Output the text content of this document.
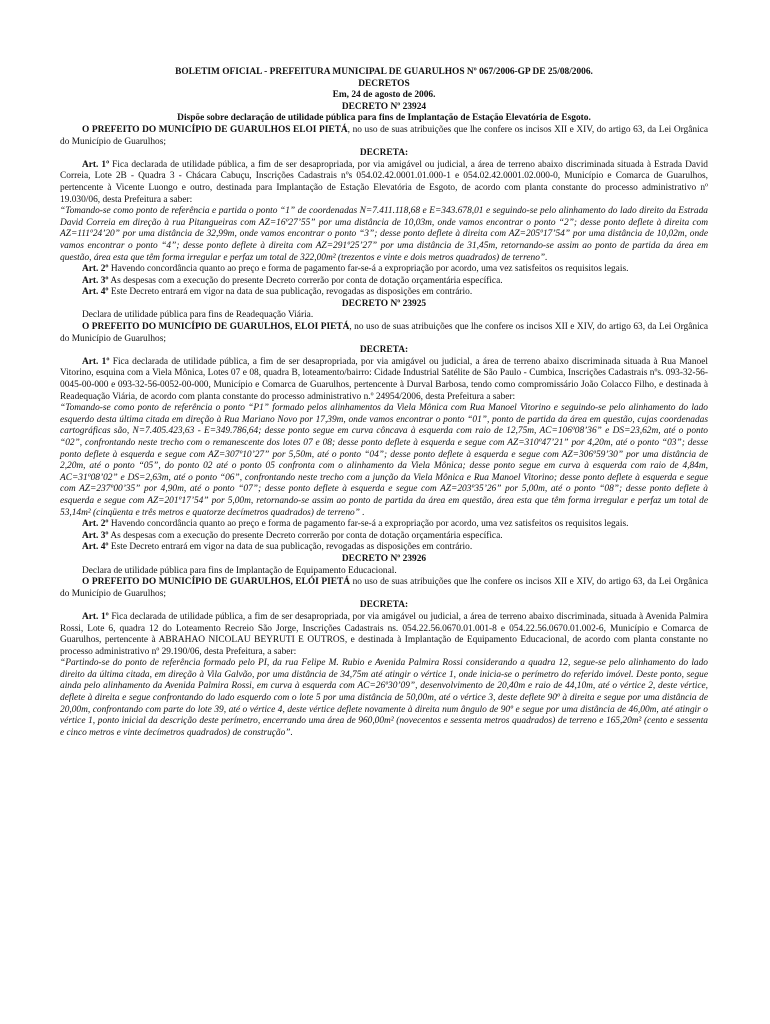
BOLETIM OFICIAL - PREFEITURA MUNICIPAL DE GUARULHOS Nº 067/2006-GP DE 25/08/2006.
DECRETOS
Em, 24 de agosto de 2006.
DECRETO Nº 23924
Dispõe sobre declaração de utilidade pública para fins de Implantação de Estação Elevatória de Esgoto.
O PREFEITO DO MUNICÍPIO DE GUARULHOS ELOI PIETÁ, no uso de suas atribuições que lhe confere os incisos XII e XIV, do artigo 63, da Lei Orgânica do Município de Guarulhos;
DECRETA:
Art. 1º Fica declarada de utilidade pública, a fim de ser desapropriada, por via amigável ou judicial, a área de terreno abaixo discriminada situada à Estrada David Correia, Lote 2B - Quadra 3 - Chácara Cabuçu, Inscrições Cadastrais nºs 054.02.42.0001.01.000-1 e 054.02.42.0001.02.000-0, Município e Comarca de Guarulhos, pertencente à Vicente Luongo e outro, destinada para Implantação de Estação Elevatória de Esgoto, de acordo com planta constante do processo administrativo nº 19.030/06, desta Prefeitura a saber:
“Tomando-se como ponto de referência e partida o ponto “1” de coordenadas N=7.411.118,68 e E=343.678,01 e seguindo-se pelo alinhamento do lado direito da Estrada David Correia em direção à rua Pitangueiras com AZ=16º27’55” por uma distância de 10,03m, onde vamos encontrar o ponto “2”; desse ponto deflete à direita com AZ=111º24’20” por uma distância de 32,99m, onde vamos encontrar o ponto “3”; desse ponto deflete à direita com AZ=205º17’54” por uma distância de 10,02m, onde vamos encontrar o ponto “4”; desse ponto deflete à direita com AZ=291º25’27” por uma distância de 31,45m, retornando-se assim ao ponto de partida da área em questão, área esta que têm forma irregular e perfaz um total de 322,00m² (trezentos e vinte e dois metros quadrados) de terreno”.
Art. 2º Havendo concordância quanto ao preço e forma de pagamento far-se-á a expropriação por acordo, uma vez satisfeitos os requisitos legais.
Art. 3º As despesas com a execução do presente Decreto correrão por conta de dotação orçamentária específica.
Art. 4º Este Decreto entrará em vigor na data de sua publicação, revogadas as disposições em contrário.
DECRETO Nº 23925
Declara de utilidade pública para fins de Readequação Viária.
O PREFEITO DO MUNICÍPIO DE GUARULHOS, ELOI PIETÁ, no uso de suas atribuições que lhe confere os incisos XII e XIV, do artigo 63, da Lei Orgânica do Município de Guarulhos;
DECRETA:
Art. 1º Fica declarada de utilidade pública, a fim de ser desapropriada, por via amigável ou judicial, a área de terreno abaixo discriminada situada à Rua Manoel Vitorino, esquina com a Viela Mônica, Lotes 07 e 08, quadra B, loteamento/bairro: Cidade Industrial Satélite de São Paulo - Cumbica, Inscrições Cadastrais nºs. 093-32-56-0045-00-000 e 093-32-56-0052-00-000, Município e Comarca de Guarulhos, pertencente à Durval Barbosa, tendo como compromissário João Colacco Filho, e destinada à Readequação Viária, de acordo com planta constante do processo administrativo n.º 24954/2006, desta Prefeitura a saber:
“Tomando-se como ponto de referência o ponto “P1” formado pelos alinhamentos da Viela Mônica com Rua Manoel Vitorino e seguindo-se pelo alinhamento do lado esquerdo desta última citada em direção à Rua Mariano Novo por 17,39m, onde vamos encontrar o ponto “01”, ponto de partida da área em questão, cujas coordenadas cartográficas são, N=7.405.423,63 - E=349.786,64; desse ponto segue em curva côncava à esquerda com raio de 12,75m, AC=106º08’36” e DS=23,62m, até o ponto “02”, confrontando neste trecho com o remanescente dos lotes 07 e 08; desse ponto deflete à esquerda e segue com AZ=310º47’21” por 4,20m, até o ponto “03”; desse ponto deflete à esquerda e segue com AZ=307º10’27” por 5,50m, até o ponto “04”; desse ponto deflete à esquerda e segue com AZ=306º59’30” por uma distância de 2,20m, até o ponto “05”, do ponto 02 até o ponto 05 confronta com o alinhamento da Viela Mônica; desse ponto segue em curva à esquerda com raio de 4,84m, AC=31º08’02” e DS=2,63m, até o ponto “06”, confrontando neste trecho com a junção da Viela Mônica e Rua Manoel Vitorino; desse ponto deflete à esquerda e segue com AZ=237º00’35” por 4,90m, até o ponto “07”; desse ponto deflete à esquerda e segue com AZ=203º35’26” por 5,00m, até o ponto “08”; desse ponto deflete à esquerda e segue com AZ=201º17’54” por 5,00m, retornando-se assim ao ponto de partida da área em questão, área esta que têm forma irregular e perfaz um total de 53,14m² (cinqüenta e três metros e quatorze decímetros quadrados) de terreno” .
Art. 2º Havendo concordância quanto ao preço e forma de pagamento far-se-á a expropriação por acordo, uma vez satisfeitos os requisitos legais.
Art. 3º As despesas com a execução do presente Decreto correrão por conta de dotação orçamentária específica.
Art. 4º Este Decreto entrará em vigor na data de sua publicação, revogadas as disposições em contrário.
DECRETO Nº 23926
Declara de utilidade pública para fins de Implantação de Equipamento Educacional.
O PREFEITO DO MUNICÍPIO DE GUARULHOS, ELÓI PIETÁ no uso de suas atribuições que lhe confere os incisos XII e XIV, do artigo 63, da Lei Orgânica do Município de Guarulhos;
DECRETA:
Art. 1º Fica declarada de utilidade pública, a fim de ser desapropriada, por via amigável ou judicial, a área de terreno abaixo discriminada, situada à Avenida Palmira Rossi, Lote 6, quadra 12 do Loteamento Recreio São Jorge, Inscrições Cadastrais ns. 054.22.56.0670.01.001-8 e 054.22.56.0670.01.002-6, Município e Comarca de Guarulhos, pertencente à ABRAHAO NICOLAU BEYRUTI E OUTROS, e destinada à Implantação de Equipamento Educacional, de acordo com planta constante no processo administrativo nº 29.190/06, desta Prefeitura, a saber:
“Partindo-se do ponto de referência formado pelo PI, da rua Felipe M. Rubio e Avenida Palmira Rossi considerando a quadra 12, segue-se pelo alinhamento do lado direito da última citada, em direção à Vila Galvão, por uma distância de 34,75m até atingir o vértice 1, onde inicia-se o perímetro do referido imóvel. Deste ponto, segue ainda pelo alinhamento da Avenida Palmira Rossi, em curva à esquerda com AC=26º30’09”, desenvolvimento de 20,40m e raio de 44,10m, até o vértice 2, deste vértice, deflete à direita e segue confrontando do lado esquerdo com o lote 5 por uma distância de 50,00m, até o vértice 3, deste deflete 90º à direita e segue por uma distância de 20,00m, confrontando com parte do lote 39, até o vértice 4, deste vértice deflete novamente à direita num ângulo de 90º e segue por uma distância de 46,00m, até atingir o vértice 1, ponto inicial da descrição deste perímetro, encerrando uma área de 960,00m² (novecentos e sessenta metros quadrados) de terreno e 165,20m² (cento e sessenta e cinco metros e vinte decímetros quadrados) de construção”.
